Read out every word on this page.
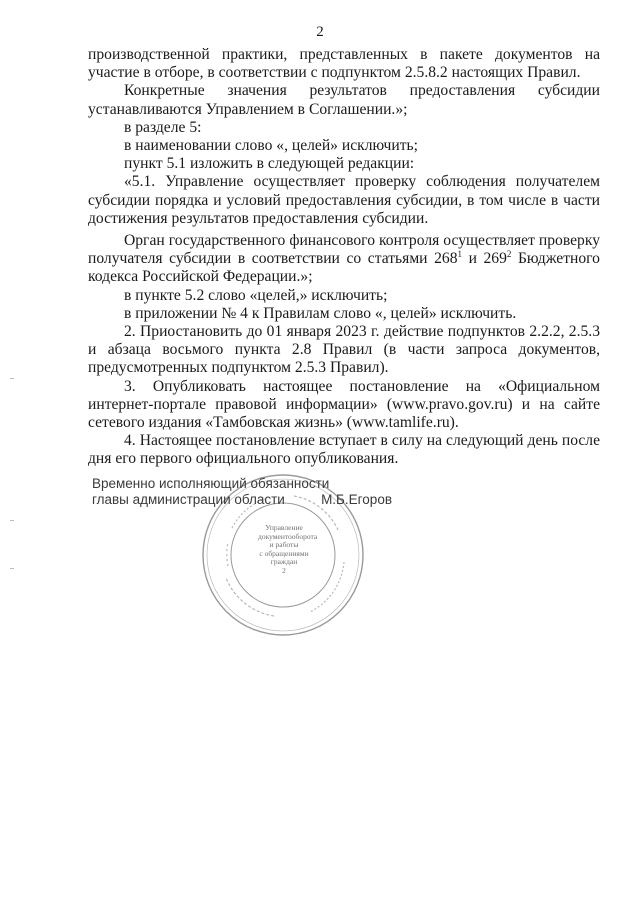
2

производственной практики, представленных в пакете документов на участие в отборе, в соответствии с подпунктом 2.5.8.2 настоящих Правил.

Конкретные значения результатов предоставления субсидии устанавливаются Управлением в Соглашении.»;

в разделе 5:

в наименовании слово «, целей» исключить;

пункт 5.1 изложить в следующей редакции:

«5.1. Управление осуществляет проверку соблюдения получателем субсидии порядка и условий предоставления субсидии, в том числе в части достижения результатов предоставления субсидии.

Орган государственного финансового контроля осуществляет проверку получателя субсидии в соответствии со статьями $268^1$ и $269^2$ Бюджетного кодекса Российской Федерации.»;

в пункте 5.2 слово «целей,» исключить;

в приложении № 4 к Правилам слово «, целей» исключить.

2. Приостановить до 01 января 2023 г. действие подпунктов 2.2.2, 2.5.3 и абзаца восьмого пункта 2.8 Правил (в части запроса документов, предусмотренных подпунктом 2.5.3 Правил).

3. Опубликовать настоящее постановление на «Официальном интернет-портале правовой информации» (www.pravo.gov.ru) и на сайте сетевого издания «Тамбовская жизнь» (www.tamlife.ru).

4. Настоящее постановление вступает в силу на следующий день после дня его первого официального опубликования.

Управление
документооборота
и работы
с обращениями
граждан
2
Временно исполняющий обязанности
главы администрации области	М.Б.Егоров
